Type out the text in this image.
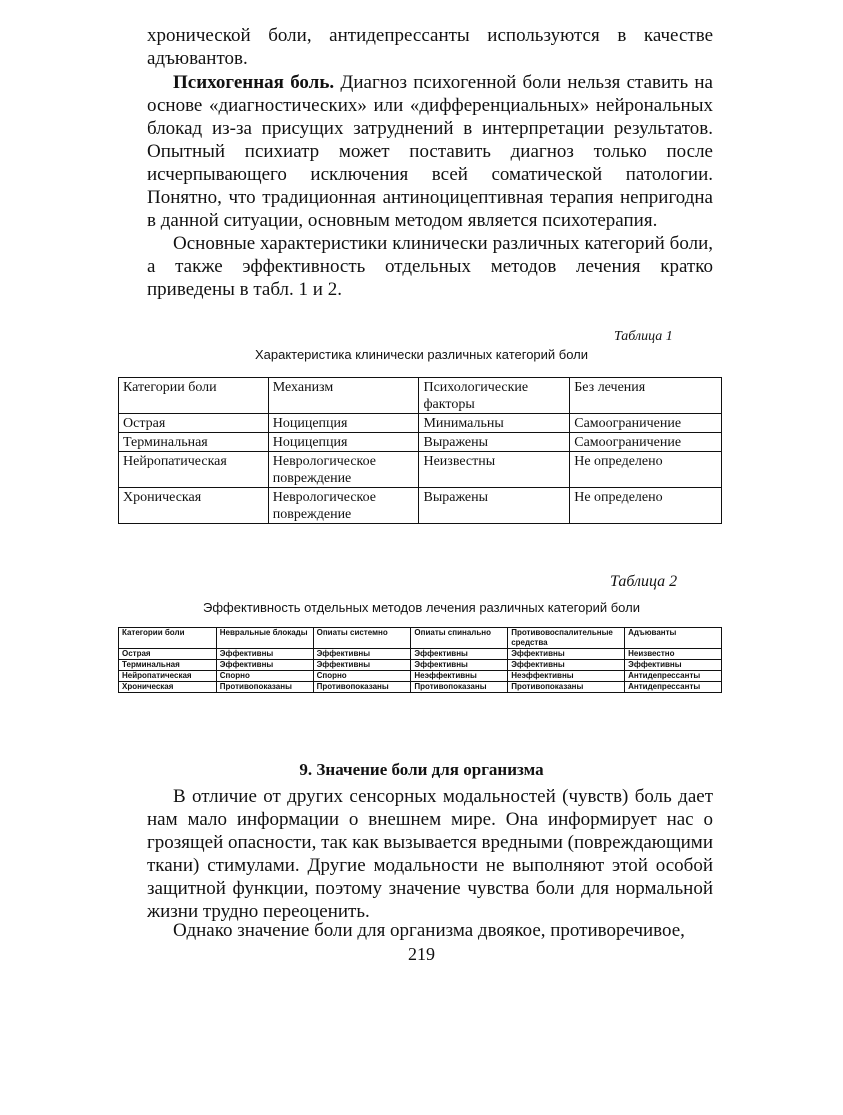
хронической боли, антидепрессанты используются в качестве адъювантов.

Психогенная боль. Диагноз психогенной боли нельзя ставить на основе «диагностических» или «дифференциальных» нейрональных блокад из-за присущих затруднений в интерпретации результатов. Опытный психиатр может поставить диагноз только после исчерпывающего исключения всей соматической патологии. Понятно, что традиционная антиноцицептивная терапия непригодна в данной ситуации, основным методом является психотерапия.

Основные характеристики клинически различных категорий боли, а также эффективность отдельных методов лечения кратко приведены в табл. 1 и 2.

Таблица 1
Характеристика клинически различных категорий боли
Категории боли	Механизм	Психологические факторы	Без лечения
Острая	Ноцицепция	Минимальны	Самоограничение
Терминальная	Ноцицепция	Выражены	Самоограничение
Нейропатическая	Неврологическое повреждение	Неизвестны	Не определено
Хроническая	Неврологическое повреждение	Выражены	Не определено
Таблица 2
Эффективность отдельных методов лечения различных категорий боли
Категории боли	Невральные блокады	Опиаты системно	Опиаты спинально	Противовоспалительные средства	Адъюванты
Острая	Эффективны	Эффективны	Эффективны	Эффективны	Неизвестно
Терминальная	Эффективны	Эффективны	Эффективны	Эффективны	Эффективны
Нейропатическая	Спорно	Спорно	Неэффективны	Неэффективны	Антидепрессанты
Хроническая	Противопоказаны	Противопоказаны	Противопоказаны	Противопоказаны	Антидепрессанты
9. Значение боли для организма

В отличие от других сенсорных модальностей (чувств) боль дает нам мало информации о внешнем мире. Она информирует нас о грозящей опасности, так как вызывается вредными (повреждающими ткани) стимулами. Другие модальности не выполняют этой особой защитной функции, поэтому значение чувства боли для нормальной жизни трудно переоценить.

Однако значение боли для организма двоякое, противоречивое,

219
